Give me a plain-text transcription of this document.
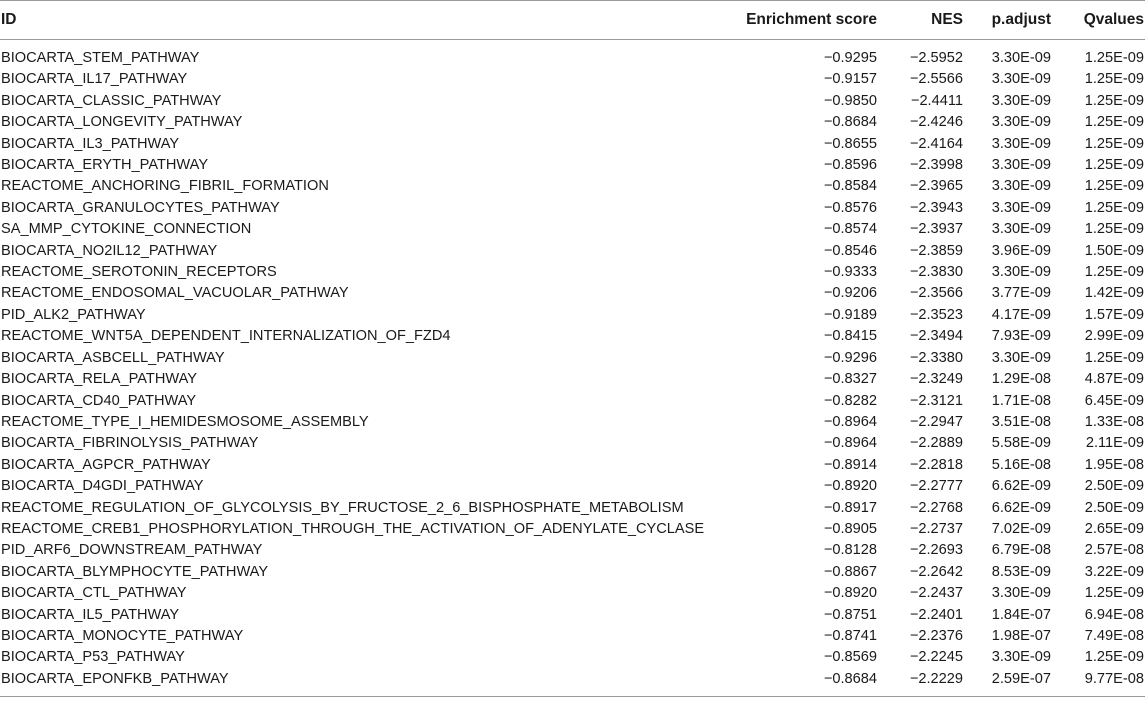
ID	Enrichment score	NES	p.adjust	Qvalues
BIOCARTA_STEM_PATHWAY	−0.9295	−2.5952	3.30E-09	1.25E-09
BIOCARTA_IL17_PATHWAY	−0.9157	−2.5566	3.30E-09	1.25E-09
BIOCARTA_CLASSIC_PATHWAY	−0.9850	−2.4411	3.30E-09	1.25E-09
BIOCARTA_LONGEVITY_PATHWAY	−0.8684	−2.4246	3.30E-09	1.25E-09
BIOCARTA_IL3_PATHWAY	−0.8655	−2.4164	3.30E-09	1.25E-09
BIOCARTA_ERYTH_PATHWAY	−0.8596	−2.3998	3.30E-09	1.25E-09
REACTOME_ANCHORING_FIBRIL_FORMATION	−0.8584	−2.3965	3.30E-09	1.25E-09
BIOCARTA_GRANULOCYTES_PATHWAY	−0.8576	−2.3943	3.30E-09	1.25E-09
SA_MMP_CYTOKINE_CONNECTION	−0.8574	−2.3937	3.30E-09	1.25E-09
BIOCARTA_NO2IL12_PATHWAY	−0.8546	−2.3859	3.96E-09	1.50E-09
REACTOME_SEROTONIN_RECEPTORS	−0.9333	−2.3830	3.30E-09	1.25E-09
REACTOME_ENDOSOMAL_VACUOLAR_PATHWAY	−0.9206	−2.3566	3.77E-09	1.42E-09
PID_ALK2_PATHWAY	−0.9189	−2.3523	4.17E-09	1.57E-09
REACTOME_WNT5A_DEPENDENT_INTERNALIZATION_OF_FZD4	−0.8415	−2.3494	7.93E-09	2.99E-09
BIOCARTA_ASBCELL_PATHWAY	−0.9296	−2.3380	3.30E-09	1.25E-09
BIOCARTA_RELA_PATHWAY	−0.8327	−2.3249	1.29E-08	4.87E-09
BIOCARTA_CD40_PATHWAY	−0.8282	−2.3121	1.71E-08	6.45E-09
REACTOME_TYPE_I_HEMIDESMOSOME_ASSEMBLY	−0.8964	−2.2947	3.51E-08	1.33E-08
BIOCARTA_FIBRINOLYSIS_PATHWAY	−0.8964	−2.2889	5.58E-09	2.11E-09
BIOCARTA_AGPCR_PATHWAY	−0.8914	−2.2818	5.16E-08	1.95E-08
BIOCARTA_D4GDI_PATHWAY	−0.8920	−2.2777	6.62E-09	2.50E-09
REACTOME_REGULATION_OF_GLYCOLYSIS_BY_FRUCTOSE_2_6_BISPHOSPHATE_METABOLISM	−0.8917	−2.2768	6.62E-09	2.50E-09
REACTOME_CREB1_PHOSPHORYLATION_THROUGH_THE_ACTIVATION_OF_ADENYLATE_CYCLASE	−0.8905	−2.2737	7.02E-09	2.65E-09
PID_ARF6_DOWNSTREAM_PATHWAY	−0.8128	−2.2693	6.79E-08	2.57E-08
BIOCARTA_BLYMPHOCYTE_PATHWAY	−0.8867	−2.2642	8.53E-09	3.22E-09
BIOCARTA_CTL_PATHWAY	−0.8920	−2.2437	3.30E-09	1.25E-09
BIOCARTA_IL5_PATHWAY	−0.8751	−2.2401	1.84E-07	6.94E-08
BIOCARTA_MONOCYTE_PATHWAY	−0.8741	−2.2376	1.98E-07	7.49E-08
BIOCARTA_P53_PATHWAY	−0.8569	−2.2245	3.30E-09	1.25E-09
BIOCARTA_EPONFKB_PATHWAY	−0.8684	−2.2229	2.59E-07	9.77E-08
